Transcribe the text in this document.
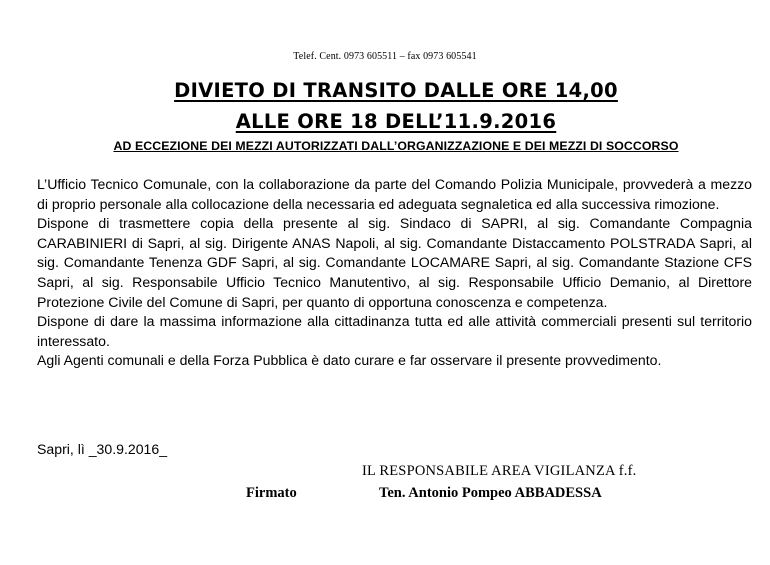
Telef. Cent. 0973 605511 – fax 0973 605541
DIVIETO DI TRANSITO DALLE ORE 14,00
ALLE ORE 18 DELL’11.9.2016
AD ECCEZIONE DEI MEZZI AUTORIZZATI DALL’ORGANIZZAZIONE E DEI MEZZI DI SOCCORSO

L’Ufficio Tecnico Comunale, con la collaborazione da parte del Comando Polizia Municipale, provvederà a mezzo di proprio personale alla collocazione della necessaria ed adeguata segnaletica ed alla successiva rimozione.

Dispone di trasmettere copia della presente al sig. Sindaco di SAPRI, al sig. Comandante Compagnia CARABINIERI di Sapri, al sig. Dirigente ANAS Napoli, al sig. Comandante Distaccamento POLSTRADA Sapri, al sig. Comandante Tenenza GDF Sapri, al sig. Comandante LOCAMARE Sapri, al sig. Comandante Stazione CFS Sapri, al sig. Responsabile Ufficio Tecnico Manutentivo, al sig. Responsabile Ufficio Demanio, al Direttore Protezione Civile del Comune di Sapri, per quanto di opportuna conoscenza e competenza.

Dispone di dare la massima informazione alla cittadinanza tutta ed alle attività commerciali presenti sul territorio interessato.

Agli Agenti comunali e della Forza Pubblica è dato curare e far osservare il presente provvedimento.

Sapri, lì _30.9.2016_
IL RESPONSABILE AREA VIGILANZA f.f.
Firmato	Ten. Antonio Pompeo ABBADESSA
